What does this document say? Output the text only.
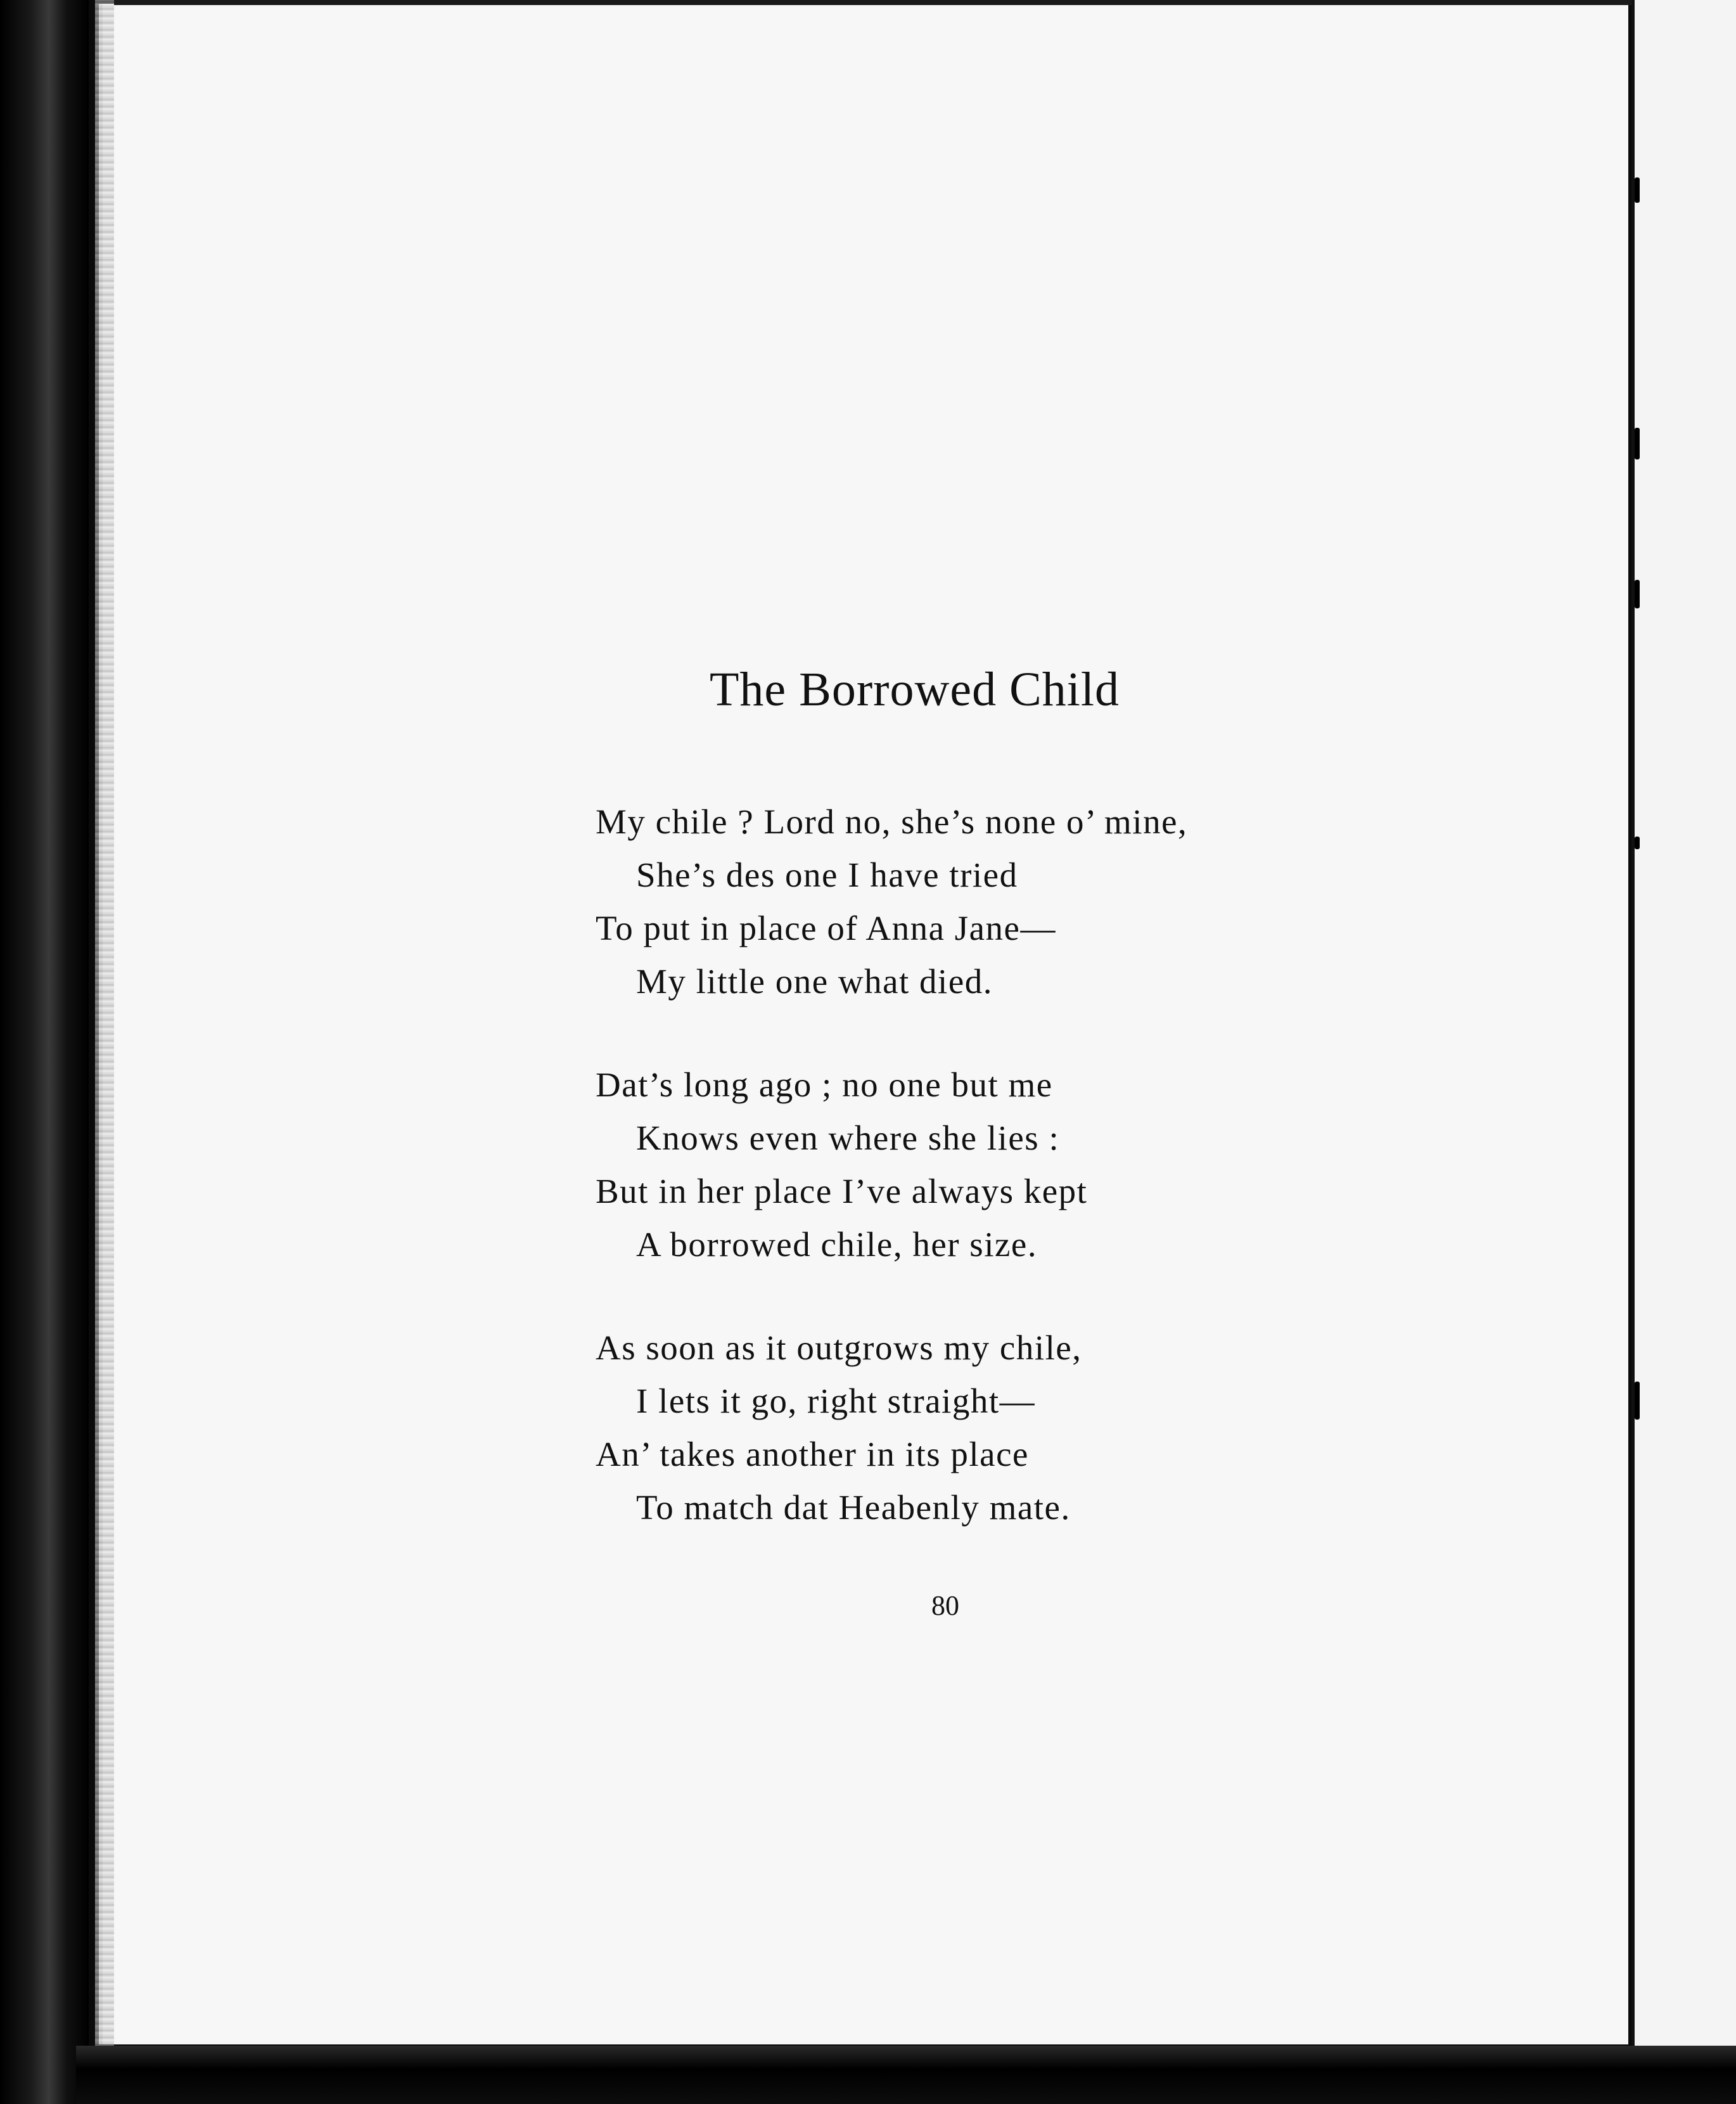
The Borrowed Child
My chile ? Lord no, she’s none o’ mine,
She’s des one I have tried
To put in place of Anna Jane—
My little one what died.
Dat’s long ago ; no one but me
Knows even where she lies :
But in her place I’ve always kept
A borrowed chile, her size.
As soon as it outgrows my chile,
I lets it go, right straight—
An’ takes another in its place
To match dat Heabenly mate.
80
